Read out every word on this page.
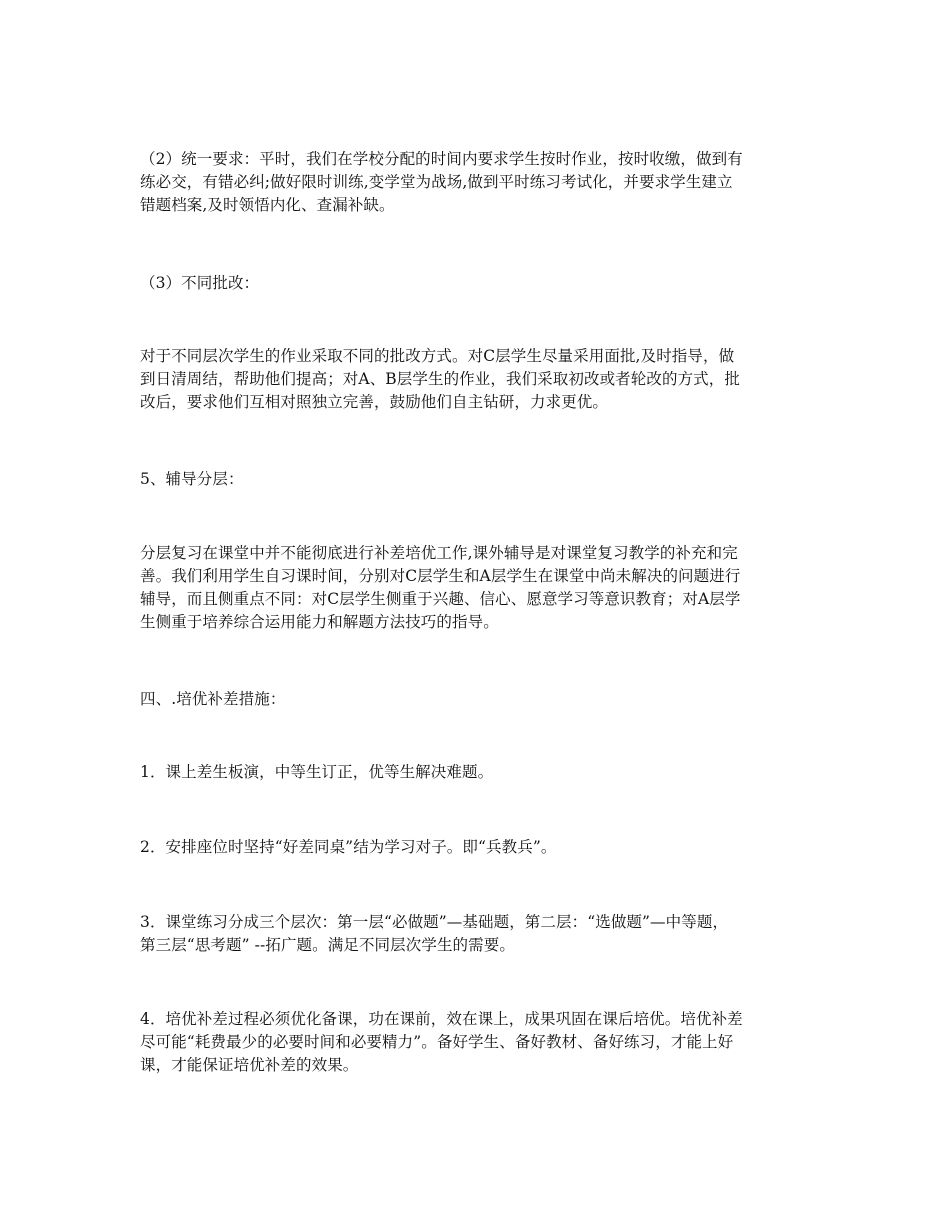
（2）统一要求：平时，我们在学校分配的时间内要求学生按时作业，按时收缴，做到有
练必交，有错必纠;做好限时训练,变学堂为战场,做到平时练习考试化，并要求学生建立
错题档案,及时领悟内化、查漏补缺。

（3）不同批改：

对于不同层次学生的作业采取不同的批改方式。对C层学生尽量采用面批,及时指导，做
到日清周结，帮助他们提高；对A、B层学生的作业，我们采取初改或者轮改的方式，批
改后，要求他们互相对照独立完善，鼓励他们自主钻研，力求更优。

5、辅导分层：

分层复习在课堂中并不能彻底进行补差培优工作,课外辅导是对课堂复习教学的补充和完
善。我们利用学生自习课时间，分别对C层学生和A层学生在课堂中尚未解决的问题进行
辅导，而且侧重点不同：对C层学生侧重于兴趣、信心、愿意学习等意识教育；对A层学
生侧重于培养综合运用能力和解题方法技巧的指导。

四、.培优补差措施：

1．课上差生板演，中等生订正，优等生解决难题。

2．安排座位时坚持“好差同桌”结为学习对子。即“兵教兵”。

3．课堂练习分成三个层次：第一层“必做题”—基础题，第二层：“选做题”—中等题，
第三层“思考题” --拓广题。满足不同层次学生的需要。

4．培优补差过程必须优化备课，功在课前，效在课上，成果巩固在课后培优。培优补差
尽可能“耗费最少的必要时间和必要精力”。备好学生、备好教材、备好练习，才能上好
课，才能保证培优补差的效果。
